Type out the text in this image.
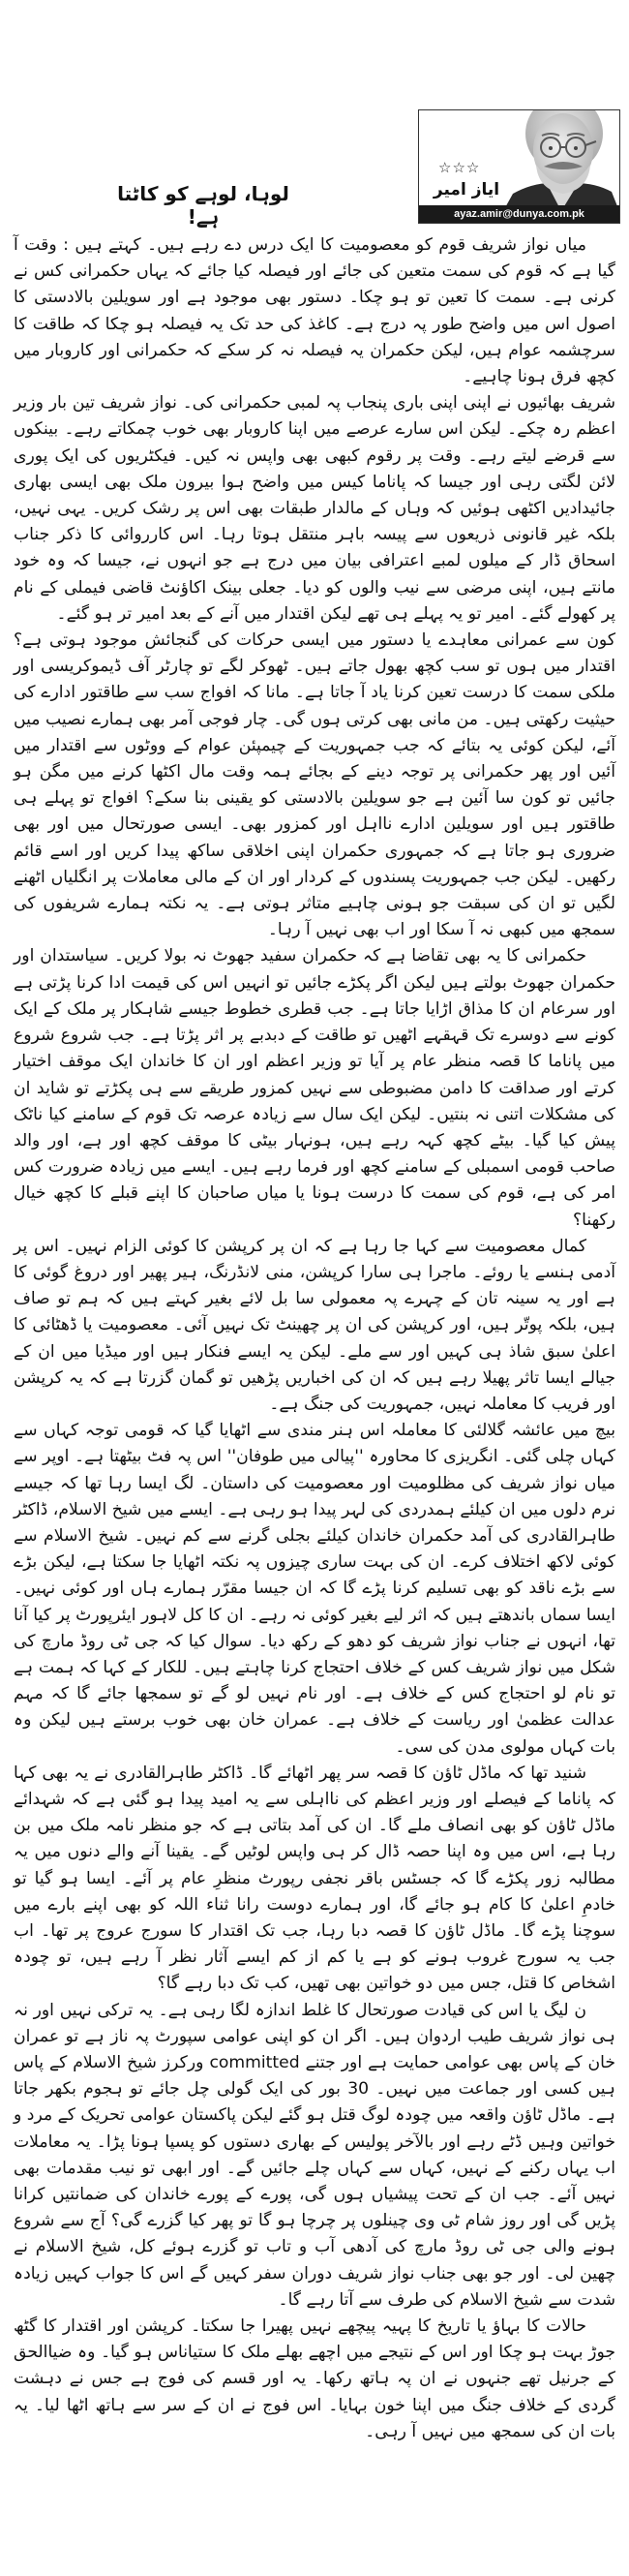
لوہا، لوہے کو کاٹتا ہے!
☆☆☆
ایاز امیر
ayaz.amir@dunya.com.pk

میاں نواز شریف قوم کو معصومیت کا ایک درس دے رہے ہیں۔ کہتے ہیں : وقت آ گیا ہے کہ قوم کی سمت متعین کی جائے اور فیصلہ کیا جائے کہ یہاں حکمرانی کس نے کرنی ہے۔ سمت کا تعین تو ہو چکا۔ دستور بھی موجود ہے اور سویلین بالادستی کا اصول اس میں واضح طور پہ درج ہے۔ کاغذ کی حد تک یہ فیصلہ ہو چکا کہ طاقت کا سرچشمہ عوام ہیں، لیکن حکمران یہ فیصلہ نہ کر سکے کہ حکمرانی اور کاروبار میں کچھ فرق ہونا چاہیے۔

شریف بھائیوں نے اپنی اپنی باری پنجاب پہ لمبی حکمرانی کی۔ نواز شریف تین بار وزیر اعظم رہ چکے۔ لیکن اس سارے عرصے میں اپنا کاروبار بھی خوب چمکاتے رہے۔ بینکوں سے قرضے لیتے رہے۔ وقت پر رقوم کبھی بھی واپس نہ کیں۔ فیکٹریوں کی ایک پوری لائن لگتی رہی اور جیسا کہ پاناما کیس میں واضح ہوا بیرون ملک بھی ایسی بھاری جائیدادیں اکٹھی ہوئیں کہ وہاں کے مالدار طبقات بھی اس پر رشک کریں۔ یہی نہیں، بلکہ غیر قانونی ذریعوں سے پیسہ باہر منتقل ہوتا رہا۔ اس کارروائی کا ذکر جناب اسحاق ڈار کے میلوں لمبے اعترافی بیان میں درج ہے جو انہوں نے، جیسا کہ وہ خود مانتے ہیں، اپنی مرضی سے نیب والوں کو دیا۔ جعلی بینک اکاؤنٹ قاضی فیملی کے نام پر کھولے گئے۔ امیر تو یہ پہلے ہی تھے لیکن اقتدار میں آنے کے بعد امیر تر ہو گئے۔

کون سے عمرانی معاہدے یا دستور میں ایسی حرکات کی گنجائش موجود ہوتی ہے؟ اقتدار میں ہوں تو سب کچھ بھول جاتے ہیں۔ ٹھوکر لگے تو چارٹر آف ڈیموکریسی اور ملکی سمت کا درست تعین کرنا یاد آ جاتا ہے۔ مانا کہ افواج سب سے طاقتور ادارے کی حیثیت رکھتی ہیں۔ من مانی بھی کرتی ہوں گی۔ چار فوجی آمر بھی ہمارے نصیب میں آئے، لیکن کوئی یہ بتائے کہ جب جمہوریت کے چیمپئن عوام کے ووٹوں سے اقتدار میں آئیں اور پھر حکمرانی پر توجہ دینے کے بجائے ہمہ وقت مال اکٹھا کرنے میں مگن ہو جائیں تو کون سا آئین ہے جو سویلین بالادستی کو یقینی بنا سکے؟ افواج تو پہلے ہی طاقتور ہیں اور سویلین ادارے نااہل اور کمزور بھی۔ ایسی صورتحال میں اور بھی ضروری ہو جاتا ہے کہ جمہوری حکمران اپنی اخلاقی ساکھ پیدا کریں اور اسے قائم رکھیں۔ لیکن جب جمہوریت پسندوں کے کردار اور ان کے مالی معاملات پر انگلیاں اٹھنے لگیں تو ان کی سبقت جو ہونی چاہیے متاثر ہوتی ہے۔ یہ نکتہ ہمارے شریفوں کی سمجھ میں کبھی نہ آ سکا اور اب بھی نہیں آ رہا۔

حکمرانی کا یہ بھی تقاضا ہے کہ حکمران سفید جھوٹ نہ بولا کریں۔ سیاستدان اور حکمران جھوٹ بولتے ہیں لیکن اگر پکڑے جائیں تو انہیں اس کی قیمت ادا کرنا پڑتی ہے اور سرعام ان کا مذاق اڑایا جاتا ہے۔ جب قطری خطوط جیسے شاہکار پر ملک کے ایک کونے سے دوسرے تک قہقہے اٹھیں تو طاقت کے دبدبے پر اثر پڑتا ہے۔ جب شروع شروع میں پاناما کا قصہ منظر عام پر آیا تو وزیر اعظم اور ان کا خاندان ایک موقف اختیار کرتے اور صداقت کا دامن مضبوطی سے نہیں کمزور طریقے سے ہی پکڑتے تو شاید ان کی مشکلات اتنی نہ بنتیں۔ لیکن ایک سال سے زیادہ عرصہ تک قوم کے سامنے کیا ناٹک پیش کیا گیا۔ بیٹے کچھ کہہ رہے ہیں، ہونہار بیٹی کا موقف کچھ اور ہے، اور والد صاحب قومی اسمبلی کے سامنے کچھ اور فرما رہے ہیں۔ ایسے میں زیادہ ضرورت کس امر کی ہے، قوم کی سمت کا درست ہونا یا میاں صاحبان کا اپنے قبلے کا کچھ خیال رکھنا؟

کمال معصومیت سے کہا جا رہا ہے کہ ان پر کرپشن کا کوئی الزام نہیں۔ اس پر آدمی ہنسے یا روئے۔ ماجرا ہی سارا کرپشن، منی لانڈرنگ، ہیر پھیر اور دروغ گوئی کا ہے اور یہ سینہ تان کے چہرے پہ معمولی سا بل لائے بغیر کہتے ہیں کہ ہم تو صاف ہیں، بلکہ پوتّر ہیں، اور کرپشن کی ان پر چھینٹ تک نہیں آئی۔ معصومیت یا ڈھٹائی کا اعلیٰ سبق شاذ ہی کہیں اور سے ملے۔ لیکن یہ ایسے فنکار ہیں اور میڈیا میں ان کے جیالے ایسا تاثر پھیلا رہے ہیں کہ ان کی اخباریں پڑھیں تو گمان گزرتا ہے کہ یہ کرپشن اور فریب کا معاملہ نہیں، جمہوریت کی جنگ ہے۔

بیچ میں عائشہ گلالئی کا معاملہ اس ہنر مندی سے اٹھایا گیا کہ قومی توجہ کہاں سے کہاں چلی گئی۔ انگریزی کا محاورہ ''پیالی میں طوفان'' اس پہ فٹ بیٹھتا ہے۔ اوپر سے میاں نواز شریف کی مظلومیت اور معصومیت کی داستان۔ لگ ایسا رہا تھا کہ جیسے نرم دلوں میں ان کیلئے ہمدردی کی لہر پیدا ہو رہی ہے۔ ایسے میں شیخ الاسلام، ڈاکٹر طاہرالقادری کی آمد حکمران خاندان کیلئے بجلی گرنے سے کم نہیں۔ شیخ الاسلام سے کوئی لاکھ اختلاف کرے۔ ان کی بہت ساری چیزوں پہ نکتہ اٹھایا جا سکتا ہے، لیکن بڑے سے بڑے ناقد کو بھی تسلیم کرنا پڑے گا کہ ان جیسا مقرّر ہمارے ہاں اور کوئی نہیں۔ ایسا سماں باندھتے ہیں کہ اثر لیے بغیر کوئی نہ رہے۔ ان کا کل لاہور ایئرپورٹ پر کیا آنا تھا، انہوں نے جناب نواز شریف کو دھو کے رکھ دیا۔ سوال کیا کہ جی ٹی روڈ مارچ کی شکل میں نواز شریف کس کے خلاف احتجاج کرنا چاہتے ہیں۔ للکار کے کہا کہ ہمت ہے تو نام لو احتجاج کس کے خلاف ہے۔ اور نام نہیں لو گے تو سمجھا جائے گا کہ مہم عدالت عظمیٰ اور ریاست کے خلاف ہے۔ عمران خان بھی خوب برستے ہیں لیکن وہ بات کہاں مولوی مدن کی سی۔

شنید تھا کہ ماڈل ٹاؤن کا قصہ سر پھر اٹھائے گا۔ ڈاکٹر طاہرالقادری نے یہ بھی کہا کہ پاناما کے فیصلے اور وزیر اعظم کی نااہلی سے یہ امید پیدا ہو گئی ہے کہ شہدائے ماڈل ٹاؤن کو بھی انصاف ملے گا۔ ان کی آمد بتاتی ہے کہ جو منظر نامہ ملک میں بن رہا ہے، اس میں وہ اپنا حصہ ڈال کر ہی واپس لوٹیں گے۔ یقینا آنے والے دنوں میں یہ مطالبہ زور پکڑے گا کہ جسٹس باقر نجفی رپورٹ منظرِ عام پر آئے۔ ایسا ہو گیا تو خادمِ اعلیٰ کا کام ہو جائے گا، اور ہمارے دوست رانا ثناء اللہ کو بھی اپنے بارے میں سوچنا پڑے گا۔ ماڈل ٹاؤن کا قصہ دبا رہا، جب تک اقتدار کا سورج عروج پر تھا۔ اب جب یہ سورج غروب ہونے کو ہے یا کم از کم ایسے آثار نظر آ رہے ہیں، تو چودہ اشخاص کا قتل، جس میں دو خواتین بھی تھیں، کب تک دبا رہے گا؟

ن لیگ یا اس کی قیادت صورتحال کا غلط اندازہ لگا رہی ہے۔ یہ ترکی نہیں اور نہ ہی نواز شریف طیب اردوان ہیں۔ اگر ان کو اپنی عوامی سپورٹ پہ ناز ہے تو عمران خان کے پاس بھی عوامی حمایت ہے اور جتنے committed ورکرز شیخ الاسلام کے پاس ہیں کسی اور جماعت میں نہیں۔ 30 بور کی ایک گولی چل جائے تو ہجوم بکھر جاتا ہے۔ ماڈل ٹاؤن واقعہ میں چودہ لوگ قتل ہو گئے لیکن پاکستان عوامی تحریک کے مرد و خواتین وہیں ڈٹے رہے اور بالآخر پولیس کے بھاری دستوں کو پسپا ہونا پڑا۔ یہ معاملات اب یہاں رکنے کے نہیں، کہاں سے کہاں چلے جائیں گے۔ اور ابھی تو نیب مقدمات بھی نہیں آئے۔ جب ان کے تحت پیشیاں ہوں گی، پورے کے پورے خاندان کی ضمانتیں کرانا پڑیں گی اور روز شام ٹی وی چینلوں پر چرچا ہو گا تو پھر کیا گزرے گی؟ آج سے شروع ہونے والی جی ٹی روڈ مارچ کی آدھی آب و تاب تو گزرے ہوئے کل، شیخ الاسلام نے چھین لی۔ اور جو بھی جناب نواز شریف دوران سفر کہیں گے اس کا جواب کہیں زیادہ شدت سے شیخ الاسلام کی طرف سے آتا رہے گا۔

حالات کا بہاؤ یا تاریخ کا پہیہ پیچھے نہیں پھیرا جا سکتا۔ کرپشن اور اقتدار کا گٹھ جوڑ بہت ہو چکا اور اس کے نتیجے میں اچھے بھلے ملک کا ستیاناس ہو گیا۔ وہ ضیاالحق کے جرنیل تھے جنہوں نے ان پہ ہاتھ رکھا۔ یہ اور قسم کی فوج ہے جس نے دہشت گردی کے خلاف جنگ میں اپنا خون بہایا۔ اس فوج نے ان کے سر سے ہاتھ اٹھا لیا۔ یہ بات ان کی سمجھ میں نہیں آ رہی۔
